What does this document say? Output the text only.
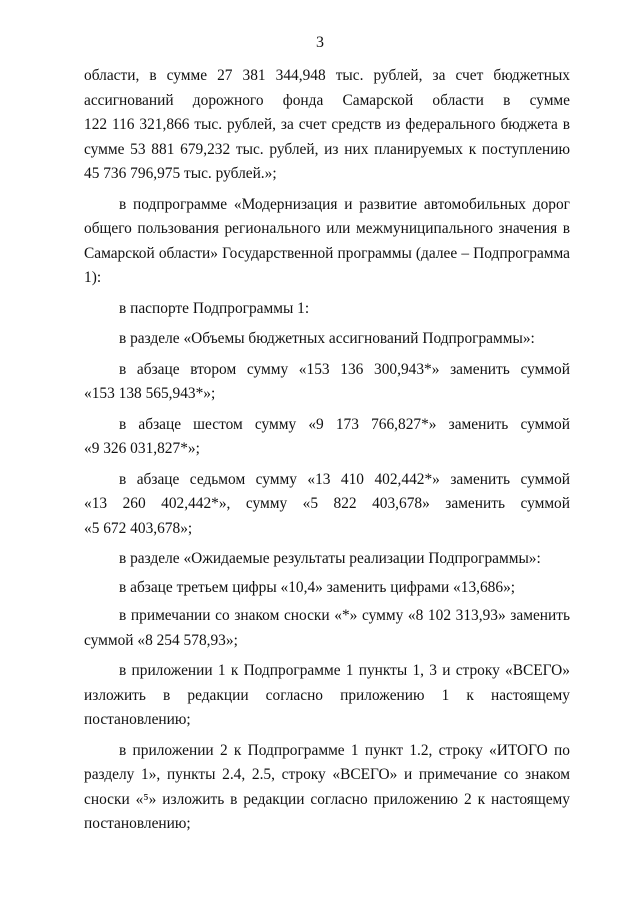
3

области, в сумме 27 381 344,948 тыс. рублей, за счет бюджетных
ассигнований дорожного фонда Самарской области в сумме
122 116 321,866 тыс. рублей, за счет средств из федерального бюджета в
сумме 53 881 679,232 тыс. рублей, из них планируемых к поступлению
45 736 796,975 тыс. рублей.»;

в подпрограмме «Модернизация и развитие автомобильных дорог
общего пользования регионального или межмуниципального значения в
Самарской области» Государственной программы (далее – Подпрограмма 1):

в паспорте Подпрограммы 1:

в разделе «Объемы бюджетных ассигнований Подпрограммы»:

в абзаце втором сумму «153 136 300,943*» заменить суммой
«153 138 565,943*»;

в абзаце шестом сумму «9 173 766,827*» заменить суммой
«9 326 031,827*»;

в абзаце седьмом сумму «13 410 402,442*» заменить суммой
«13 260 402,442*», сумму «5 822 403,678» заменить суммой
«5 672 403,678»;

в разделе «Ожидаемые результаты реализации Подпрограммы»:

в абзаце третьем цифры «10,4» заменить цифрами «13,686»;

в примечании со знаком сноски «*» сумму «8 102 313,93» заменить
суммой «8 254 578,93»;

в приложении 1 к Подпрограмме 1 пункты 1, 3 и строку «ВСЕГО»
изложить в редакции согласно приложению 1 к настоящему
постановлению;

в приложении 2 к Подпрограмме 1 пункт 1.2, строку «ИТОГО по
разделу 1», пункты 2.4, 2.5, строку «ВСЕГО» и примечание со знаком
сноски «⁵» изложить в редакции согласно приложению 2 к настоящему
постановлению;
